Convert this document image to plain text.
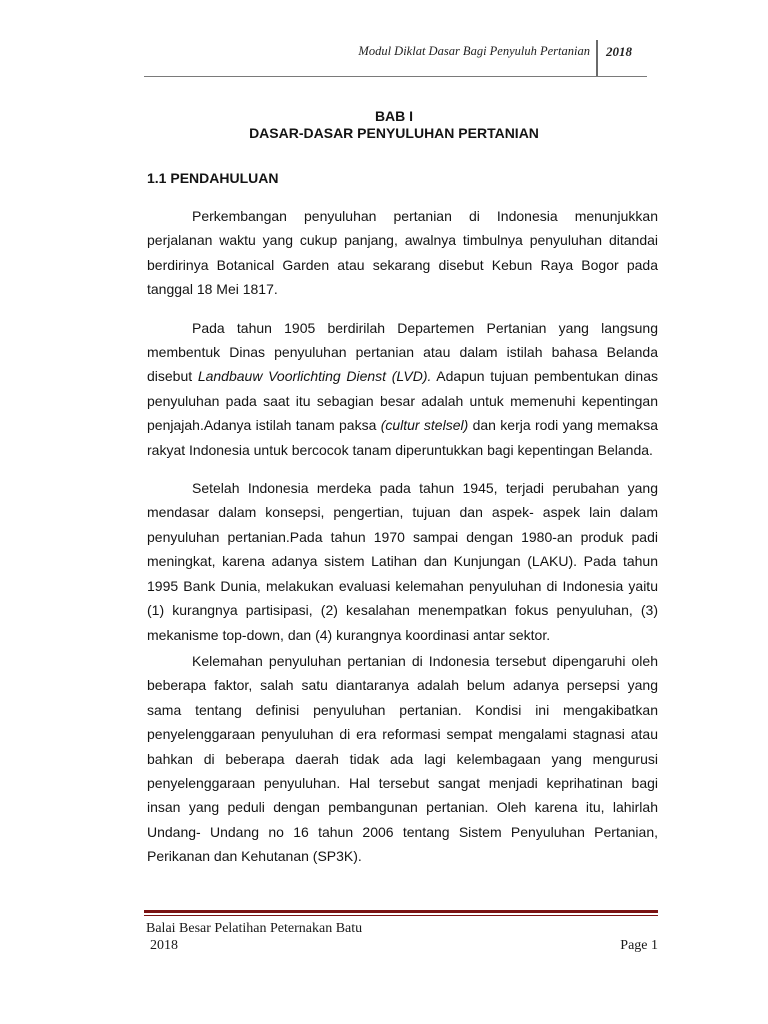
Modul Diklat Dasar Bagi Penyuluh Pertanian 2018
BAB I
DASAR-DASAR PENYULUHAN PERTANIAN
1.1 PENDAHULUAN

Perkembangan penyuluhan pertanian di Indonesia menunjukkan perjalanan waktu yang cukup panjang, awalnya timbulnya penyuluhan ditandai berdirinya Botanical Garden atau sekarang disebut Kebun Raya Bogor pada tanggal 18 Mei 1817.

Pada tahun 1905 berdirilah Departemen Pertanian yang langsung membentuk Dinas penyuluhan pertanian atau dalam istilah bahasa Belanda disebut Landbauw Voorlichting Dienst (LVD). Adapun tujuan pembentukan dinas penyuluhan pada saat itu sebagian besar adalah untuk memenuhi kepentingan penjajah.Adanya istilah tanam paksa (cultur stelsel) dan kerja rodi yang memaksa rakyat Indonesia untuk bercocok tanam diperuntukkan bagi kepentingan Belanda.

Setelah Indonesia merdeka pada tahun 1945, terjadi perubahan yang mendasar dalam konsepsi, pengertian, tujuan dan aspek- aspek lain dalam penyuluhan pertanian.Pada tahun 1970 sampai dengan 1980-an produk padi meningkat, karena adanya sistem Latihan dan Kunjungan (LAKU). Pada tahun 1995 Bank Dunia, melakukan evaluasi kelemahan penyuluhan di Indonesia yaitu (1) kurangnya partisipasi, (2) kesalahan menempatkan fokus penyuluhan, (3) mekanisme top-down, dan (4) kurangnya koordinasi antar sektor.

Kelemahan penyuluhan pertanian di Indonesia tersebut dipengaruhi oleh beberapa faktor, salah satu diantaranya adalah belum adanya persepsi yang sama tentang definisi penyuluhan pertanian. Kondisi ini mengakibatkan penyelenggaraan penyuluhan di era reformasi sempat mengalami stagnasi atau bahkan di beberapa daerah tidak ada lagi kelembagaan yang mengurusi penyelenggaraan penyuluhan. Hal tersebut sangat menjadi keprihatinan bagi insan yang peduli dengan pembangunan pertanian. Oleh karena itu, lahirlah Undang- Undang no 16 tahun 2006 tentang Sistem Penyuluhan Pertanian, Perikanan dan Kehutanan (SP3K).

Balai Besar Pelatihan Peternakan Batu
2018	Page 1
